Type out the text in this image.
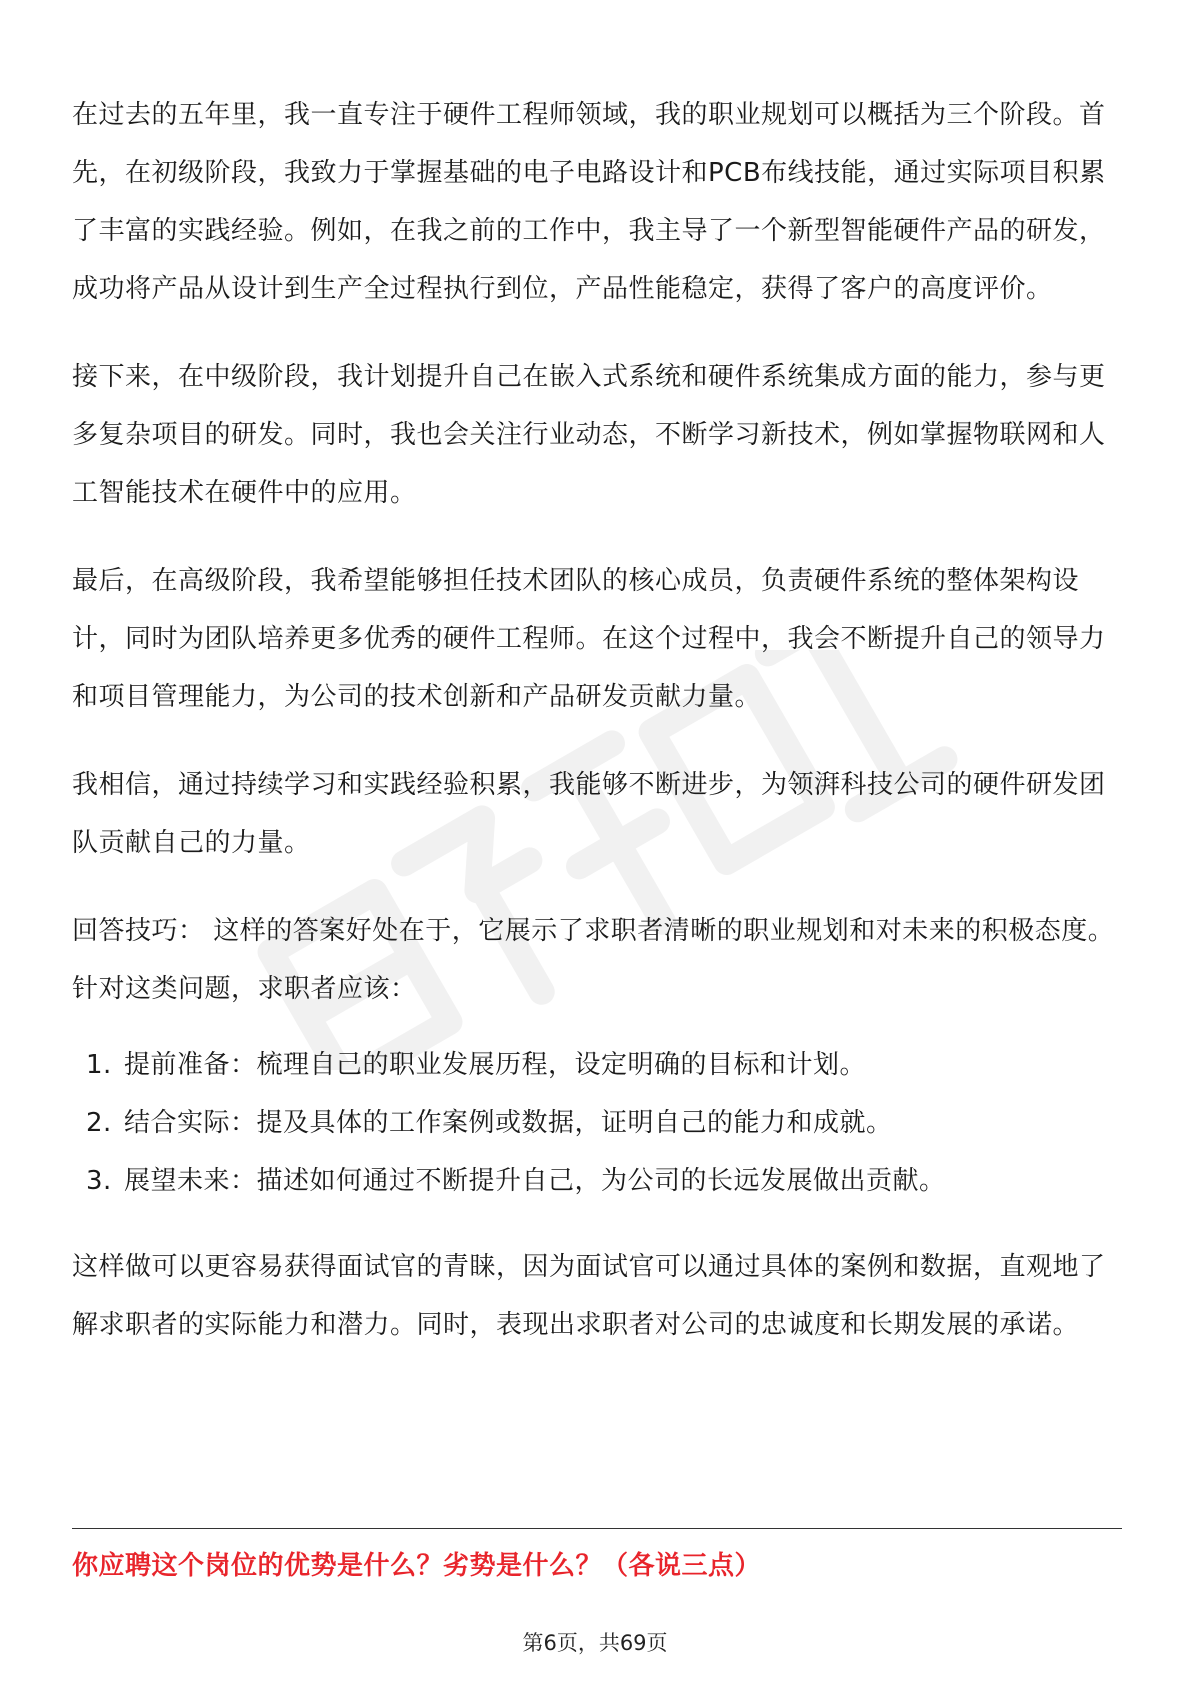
在过去的五年里，我一直专注于硬件工程师领域，我的职业规划可以概括为三个阶段。首先，在初级阶段，我致力于掌握基础的电子电路设计和PCB布线技能，通过实际项目积累了丰富的实践经验。例如，在我之前的工作中，我主导了一个新型智能硬件产品的研发，成功将产品从设计到生产全过程执行到位，产品性能稳定，获得了客户的高度评价。

接下来，在中级阶段，我计划提升自己在嵌入式系统和硬件系统集成方面的能力，参与更多复杂项目的研发。同时，我也会关注行业动态，不断学习新技术，例如掌握物联网和人工智能技术在硬件中的应用。

最后，在高级阶段，我希望能够担任技术团队的核心成员，负责硬件系统的整体架构设计，同时为团队培养更多优秀的硬件工程师。在这个过程中，我会不断提升自己的领导力和项目管理能力，为公司的技术创新和产品研发贡献力量。

我相信，通过持续学习和实践经验积累，我能够不断进步，为领湃科技公司的硬件研发团队贡献自己的力量。

回答技巧： 这样的答案好处在于，它展示了求职者清晰的职业规划和对未来的积极态度。针对这类问题，求职者应该：

1. 提前准备：梳理自己的职业发展历程，设定明确的目标和计划。
2. 结合实际：提及具体的工作案例或数据，证明自己的能力和成就。
3. 展望未来：描述如何通过不断提升自己，为公司的长远发展做出贡献。

这样做可以更容易获得面试官的青睐，因为面试官可以通过具体的案例和数据，直观地了解求职者的实际能力和潜力。同时，表现出求职者对公司的忠诚度和长期发展的承诺。

你应聘这个岗位的优势是什么？劣势是什么？（各说三点）
第6页，共69页
